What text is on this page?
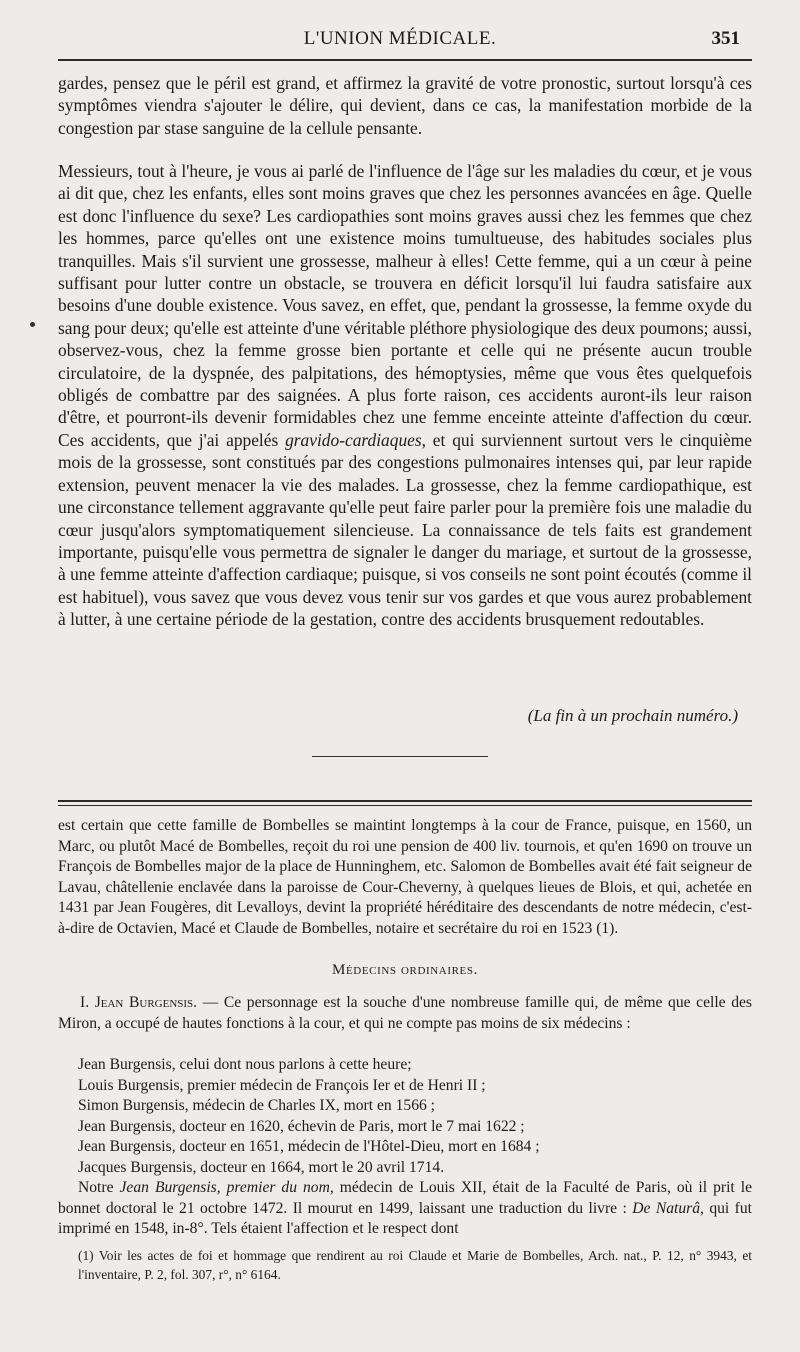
L'UNION MÉDICALE.	351

gardes, pensez que le péril est grand, et affirmez la gravité de votre pronostic, surtout lorsqu'à ces symptômes viendra s'ajouter le délire, qui devient, dans ce cas, la manifestation morbide de la congestion par stase sanguine de la cellule pensante.

Messieurs, tout à l'heure, je vous ai parlé de l'influence de l'âge sur les maladies du cœur, et je vous ai dit que, chez les enfants, elles sont moins graves que chez les personnes avancées en âge. Quelle est donc l'influence du sexe? Les cardiopathies sont moins graves aussi chez les femmes que chez les hommes, parce qu'elles ont une existence moins tumultueuse, des habitudes sociales plus tranquilles. Mais s'il survient une grossesse, malheur à elles! Cette femme, qui a un cœur à peine suffisant pour lutter contre un obstacle, se trouvera en déficit lorsqu'il lui faudra satisfaire aux besoins d'une double existence. Vous savez, en effet, que, pendant la grossesse, la femme oxyde du sang pour deux; qu'elle est atteinte d'une véritable pléthore physiologique des deux poumons; aussi, observez-vous, chez la femme grosse bien portante et celle qui ne présente aucun trouble circulatoire, de la dyspnée, des palpitations, des hémoptysies, même que vous êtes quelquefois obligés de combattre par des saignées. A plus forte raison, ces accidents auront-ils leur raison d'être, et pourront-ils devenir formidables chez une femme enceinte atteinte d'affection du cœur. Ces accidents, que j'ai appelés gravido-cardiaques, et qui surviennent surtout vers le cinquième mois de la grossesse, sont constitués par des congestions pulmonaires intenses qui, par leur rapide extension, peuvent menacer la vie des malades. La grossesse, chez la femme cardiopathique, est une circonstance tellement aggravante qu'elle peut faire parler pour la première fois une maladie du cœur jusqu'alors symptomatiquement silencieuse. La connaissance de tels faits est grandement importante, puisqu'elle vous permettra de signaler le danger du mariage, et surtout de la grossesse, à une femme atteinte d'affection cardiaque; puisque, si vos conseils ne sont point écoutés (comme il est habituel), vous savez que vous devez vous tenir sur vos gardes et que vous aurez probablement à lutter, à une certaine période de la gestation, contre des accidents brusquement redoutables.

(La fin à un prochain numéro.)

est certain que cette famille de Bombelles se maintint longtemps à la cour de France, puisque, en 1560, un Marc, ou plutôt Macé de Bombelles, reçoit du roi une pension de 400 liv. tournois, et qu'en 1690 on trouve un François de Bombelles major de la place de Hunninghem, etc. Salomon de Bombelles avait été fait seigneur de Lavau, châtellenie enclavée dans la paroisse de Cour-Cheverny, à quelques lieues de Blois, et qui, achetée en 1431 par Jean Fougères, dit Levalloys, devint la propriété héréditaire des descendants de notre médecin, c'est-à-dire de Octavien, Macé et Claude de Bombelles, notaire et secrétaire du roi en 1523 (1).

Médecins ordinaires.
I. Jean Burgensis. — Ce personnage est la souche d'une nombreuse famille qui, de même que celle des Miron, a occupé de hautes fonctions à la cour, et qui ne compte pas moins de six médecins :
Jean Burgensis, celui dont nous parlons à cette heure;
Louis Burgensis, premier médecin de François Ier et de Henri II ;
Simon Burgensis, médecin de Charles IX, mort en 1566 ;
Jean Burgensis, docteur en 1620, échevin de Paris, mort le 7 mai 1622 ;
Jean Burgensis, docteur en 1651, médecin de l'Hôtel-Dieu, mort en 1684 ;
Jacques Burgensis, docteur en 1664, mort le 20 avril 1714.
Notre Jean Burgensis, premier du nom, médecin de Louis XII, était de la Faculté de Paris, où il prit le bonnet doctoral le 21 octobre 1472. Il mourut en 1499, laissant une traduction du livre : De Naturâ, qui fut imprimé en 1548, in-8°. Tels étaient l'affection et le respect dont
(1) Voir les actes de foi et hommage que rendirent au roi Claude et Marie de Bombelles, Arch. nat., P. 12, n° 3943, et l'inventaire, P. 2, fol. 307, r°, n° 6164.
